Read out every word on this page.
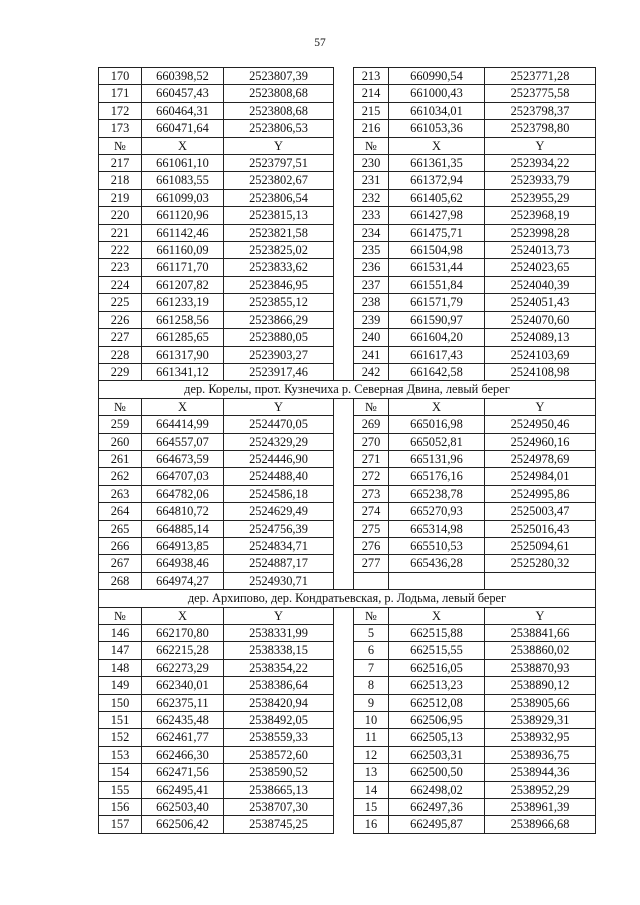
57
170	660398,52	2523807,39		213	660990,54	2523771,28
171	660457,43	2523808,68		214	661000,43	2523775,58
172	660464,31	2523808,68		215	661034,01	2523798,37
173	660471,64	2523806,53		216	661053,36	2523798,80
№	X	Y		№	X	Y
217	661061,10	2523797,51		230	661361,35	2523934,22
218	661083,55	2523802,67		231	661372,94	2523933,79
219	661099,03	2523806,54		232	661405,62	2523955,29
220	661120,96	2523815,13		233	661427,98	2523968,19
221	661142,46	2523821,58		234	661475,71	2523998,28
222	661160,09	2523825,02		235	661504,98	2524013,73
223	661171,70	2523833,62		236	661531,44	2524023,65
224	661207,82	2523846,95		237	661551,84	2524040,39
225	661233,19	2523855,12		238	661571,79	2524051,43
226	661258,56	2523866,29		239	661590,97	2524070,60
227	661285,65	2523880,05		240	661604,20	2524089,13
228	661317,90	2523903,27		241	661617,43	2524103,69
229	661341,12	2523917,46		242	661642,58	2524108,98
дер. Корелы, прот. Кузнечиха р. Северная Двина, левый берег						
№	X	Y		№	X	Y
259	664414,99	2524470,05		269	665016,98	2524950,46
260	664557,07	2524329,29		270	665052,81	2524960,16
261	664673,59	2524446,90		271	665131,96	2524978,69
262	664707,03	2524488,40		272	665176,16	2524984,01
263	664782,06	2524586,18		273	665238,78	2524995,86
264	664810,72	2524629,49		274	665270,93	2525003,47
265	664885,14	2524756,39		275	665314,98	2525016,43
266	664913,85	2524834,71		276	665510,53	2525094,61
267	664938,46	2524887,17		277	665436,28	2525280,32
268	664974,27	2524930,71				
дер. Архипово, дер. Кондратьевская, р. Лодьма, левый берег						
№	X	Y		№	X	Y
146	662170,80	2538331,99		5	662515,88	2538841,66
147	662215,28	2538338,15		6	662515,55	2538860,02
148	662273,29	2538354,22		7	662516,05	2538870,93
149	662340,01	2538386,64		8	662513,23	2538890,12
150	662375,11	2538420,94		9	662512,08	2538905,66
151	662435,48	2538492,05		10	662506,95	2538929,31
152	662461,77	2538559,33		11	662505,13	2538932,95
153	662466,30	2538572,60		12	662503,31	2538936,75
154	662471,56	2538590,52		13	662500,50	2538944,36
155	662495,41	2538665,13		14	662498,02	2538952,29
156	662503,40	2538707,30		15	662497,36	2538961,39
157	662506,42	2538745,25		16	662495,87	2538966,68
